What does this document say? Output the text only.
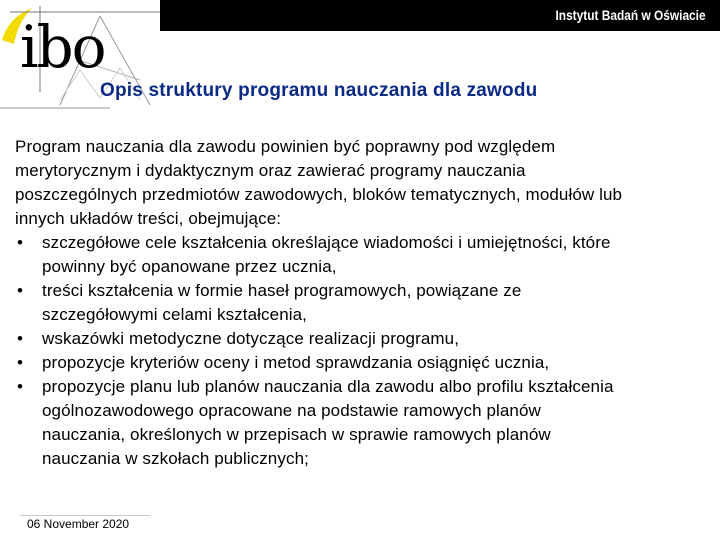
Instytut Badań w Oświacie
ibo
Opis struktury programu nauczania dla zawodu

Program nauczania dla zawodu powinien być poprawny pod względem

merytorycznym i dydaktycznym oraz zawierać programy nauczania

poszczególnych przedmiotów zawodowych, bloków tematycznych, modułów lub

innych układów treści, obejmujące:

• szczegółowe cele kształcenia określające wiadomości i umiejętności, które
powinny być opanowane przez ucznia,
• treści kształcenia w formie haseł programowych, powiązane ze
szczegółowymi celami kształcenia,
• wskazówki metodyczne dotyczące realizacji programu,
• propozycje kryteriów oceny i metod sprawdzania osiągnięć ucznia,
• propozycje planu lub planów nauczania dla zawodu albo profilu kształcenia
ogólnozawodowego opracowane na podstawie ramowych planów
nauczania, określonych w przepisach w sprawie ramowych planów
nauczania w szkołach publicznych;
06 November 2020
